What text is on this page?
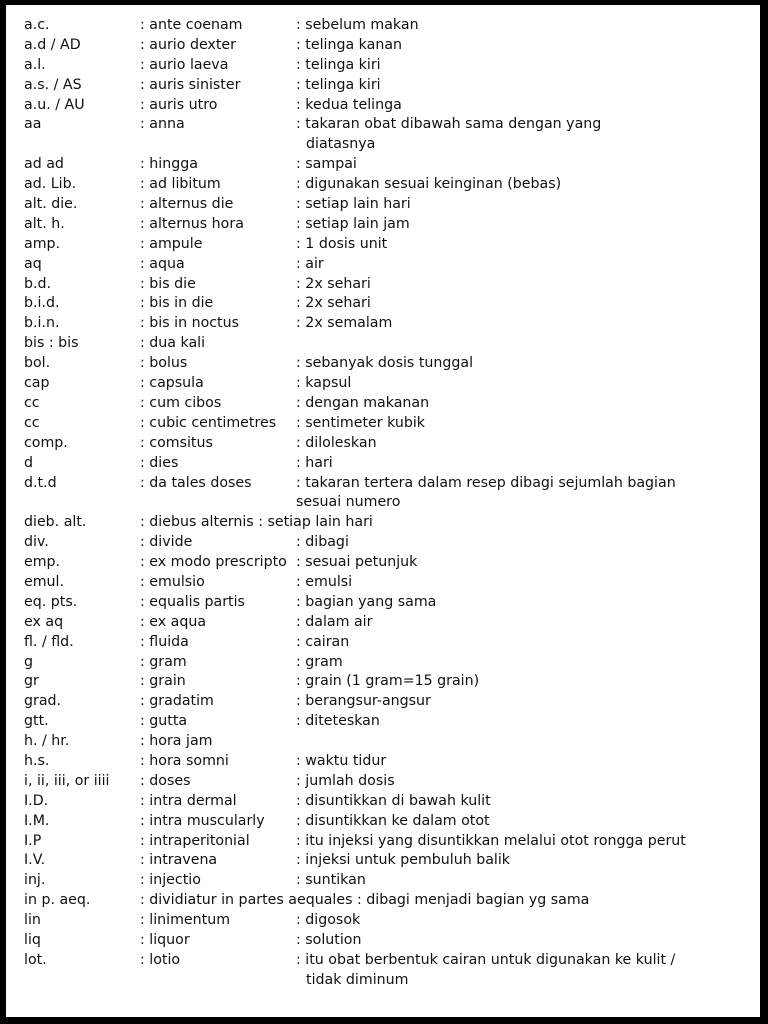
a.c.	: ante coenam	: sebelum makan
a.d / AD	: aurio dexter	: telinga kanan
a.l.	: aurio laeva	: telinga kiri
a.s. / AS	: auris sinister	: telinga kiri
a.u. / AU	: auris utro	: kedua telinga
aa	: anna	: takaran obat dibawah sama dengan yang
diatasnya
ad ad	: hingga	: sampai
ad. Lib.	: ad libitum	: digunakan sesuai keinginan (bebas)
alt. die.	: alternus die	: setiap lain hari
alt. h.	: alternus hora	: setiap lain jam
amp.	: ampule	: 1 dosis unit
aq	: aqua	: air
b.d.	: bis die	: 2x sehari
b.i.d.	: bis in die	: 2x sehari
b.i.n.	: bis in noctus	: 2x semalam
bis : bis	: dua kali
bol.	: bolus	: sebanyak dosis tunggal
cap	: capsula	: kapsul
cc	: cum cibos	: dengan makanan
cc	: cubic centimetres : sentimeter kubik
comp.	: comsitus	: diloleskan
d	: dies	: hari
d.t.d	: da tales doses	: takaran tertera dalam resep dibagi sejumlah bagian
sesuai numero
dieb. alt.	: diebus alternis : setiap lain hari
div.	: divide	: dibagi
emp.	: ex modo prescripto : sesuai petunjuk
emul.	: emulsio	: emulsi
eq. pts.	: equalis partis	: bagian yang sama
ex aq	: ex aqua	: dalam air
fl. / fld.	: fluida	: cairan
g	: gram	: gram
gr	: grain	: grain (1 gram=15 grain)
grad.	: gradatim	: berangsur-angsur
gtt.	: gutta	: diteteskan
h. / hr.	: hora jam
h.s.	: hora somni	: waktu tidur
i, ii, iii, or iiii : doses	: jumlah dosis
I.D.	: intra dermal	: disuntikkan di bawah kulit
I.M.	: intra muscularly : disuntikkan ke dalam otot
I.P	: intraperitonial	: itu injeksi yang disuntikkan melalui otot rongga perut
I.V.	: intravena	: injeksi untuk pembuluh balik
inj.	: injectio	: suntikan
in p. aeq.	: dividiatur in partes aequales : dibagi menjadi bagian yg sama
lin	: linimentum	: digosok
liq	: liquor	: solution
lot.	: lotio	: itu obat berbentuk cairan untuk digunakan ke kulit /
tidak diminum
